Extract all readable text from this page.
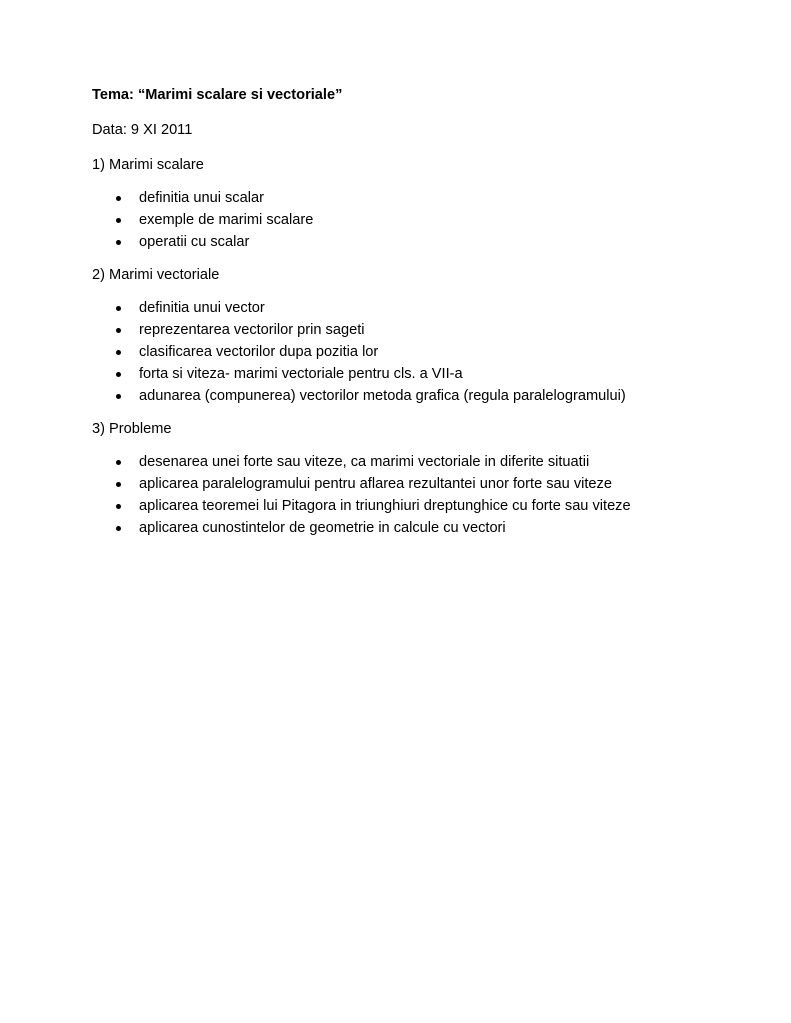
Tema: “Marimi scalare si vectoriale”

Data: 9 XI 2011

1) Marimi scalare

definitia unui scalar
exemple de marimi scalare
operatii cu scalar

2) Marimi vectoriale

definitia unui vector
reprezentarea vectorilor prin sageti
clasificarea vectorilor dupa pozitia lor
forta si viteza- marimi vectoriale pentru cls. a VII-a
adunarea (compunerea) vectorilor metoda grafica (regula paralelogramului)

3) Probleme

desenarea unei forte sau viteze, ca marimi vectoriale in diferite situatii
aplicarea paralelogramului pentru aflarea rezultantei unor forte sau viteze
aplicarea teoremei lui Pitagora in triunghiuri dreptunghice cu forte sau viteze
aplicarea cunostintelor de geometrie in calcule cu vectori
